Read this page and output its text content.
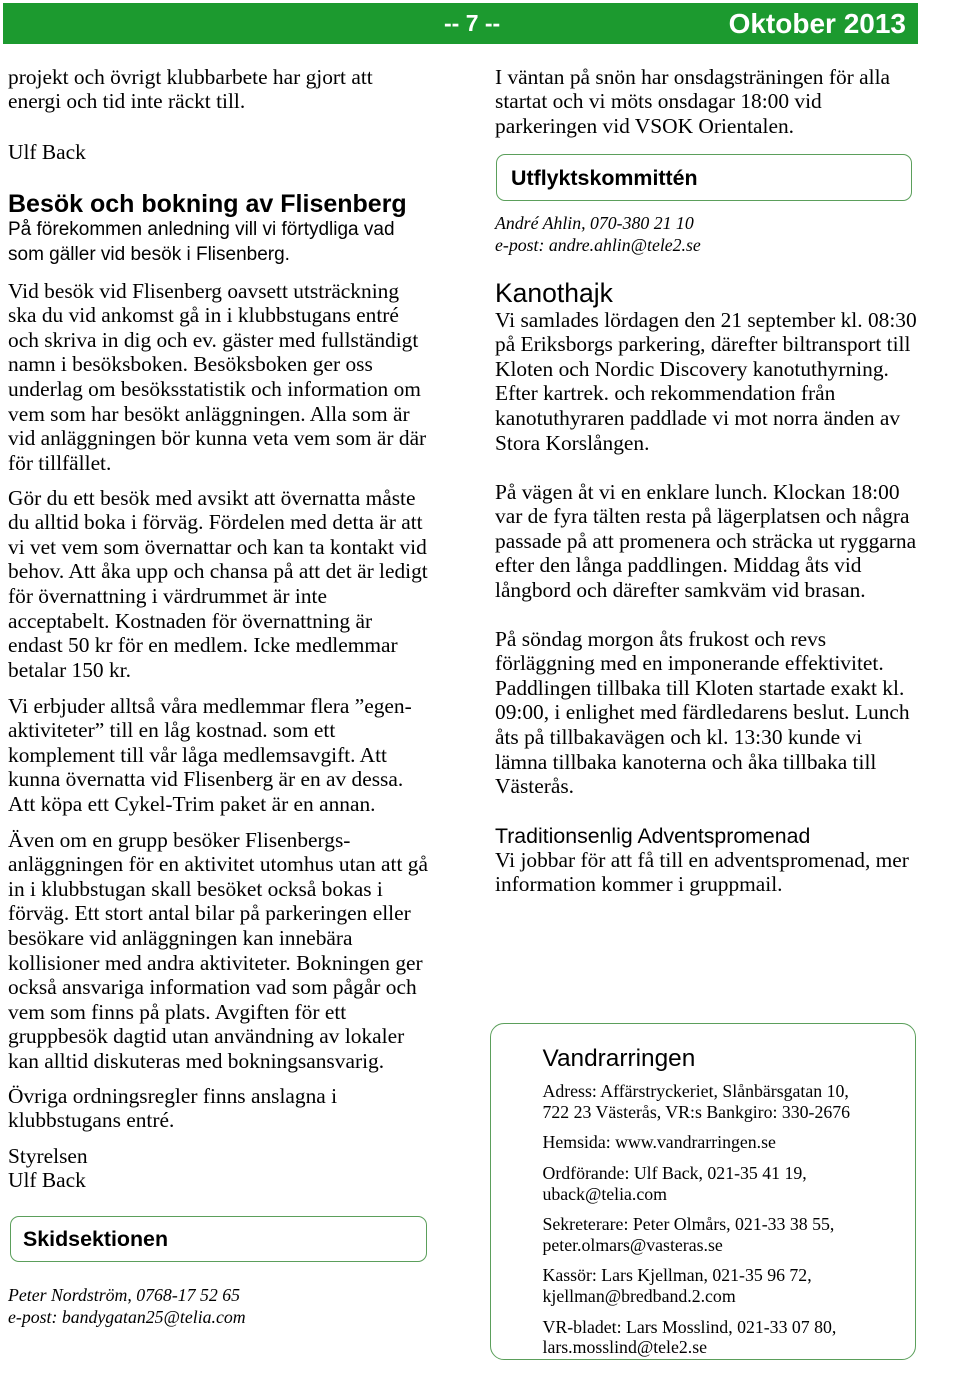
-- 7 --	Oktober 2013
projekt och övrigt klubbarbete har gjort att
energi och tid inte räckt till.
Ulf Back
Besök och bokning av Flisenberg
På förekommen anledning vill vi förtydliga vad
som gäller vid besök i Flisenberg.
Vid besök vid Flisenberg oavsett utsträckning
ska du vid ankomst gå in i klubbstugans entré
och skriva in dig och ev. gäster med fullständigt
namn i besöksboken. Besöksboken ger oss
underlag om besöksstatistik och information om
vem som har besökt anläggningen. Alla som är
vid anläggningen bör kunna veta vem som är där
för tillfället.
Gör du ett besök med avsikt att övernatta måste
du alltid boka i förväg. Fördelen med detta är att
vi vet vem som övernattar och kan ta kontakt vid
behov. Att åka upp och chansa på att det är ledigt
för övernattning i värdrummet är inte
acceptabelt. Kostnaden för övernattning är
endast 50 kr för en medlem. Icke medlemmar
betalar 150 kr.
Vi erbjuder alltså våra medlemmar flera ”egen-
aktiviteter” till en låg kostnad. som ett
komplement till vår låga medlemsavgift. Att
kunna övernatta vid Flisenberg är en av dessa.
Att köpa ett Cykel-Trim paket är en annan.
Även om en grupp besöker Flisenbergs-
anläggningen för en aktivitet utomhus utan att gå
in i klubbstugan skall besöket också bokas i
förväg. Ett stort antal bilar på parkeringen eller
besökare vid anläggningen kan innebära
kollisioner med andra aktiviteter. Bokningen ger
också ansvariga information vad som pågår och
vem som finns på plats. Avgiften för ett
gruppbesök dagtid utan användning av lokaler
kan alltid diskuteras med bokningsansvarig.
Övriga ordningsregler finns anslagna i
klubbstugans entré.
Styrelsen
Ulf Back
Skidsektionen
Peter Nordström, 0768-17 52 65
e-post: bandygatan25@telia.com
I väntan på snön har onsdagsträningen för alla
startat och vi möts onsdagar 18:00 vid
parkeringen vid VSOK Orientalen.
Utflyktskommittén
André Ahlin, 070-380 21 10
e-post: andre.ahlin@tele2.se
Kanothajk
Vi samlades lördagen den 21 september kl. 08:30
på Eriksborgs parkering, därefter biltransport till
Kloten och Nordic Discovery kanotuthyrning.
Efter kartrek. och rekommendation från
kanotuthyraren paddlade vi mot norra änden av
Stora Korslången.
På vägen åt vi en enklare lunch. Klockan 18:00
var de fyra tälten resta på lägerplatsen och några
passade på att promenera och sträcka ut ryggarna
efter den långa paddlingen. Middag åts vid
långbord och därefter samkväm vid brasan.
På söndag morgon åts frukost och revs
förläggning med en imponerande effektivitet.
Paddlingen tillbaka till Kloten startade exakt kl.
09:00, i enlighet med färdledarens beslut. Lunch
åts på tillbakavägen och kl. 13:30 kunde vi
lämna tillbaka kanoterna och åka tillbaka till
Västerås.
Traditionsenlig Adventspromenad
Vi jobbar för att få till en adventspromenad, mer
information kommer i gruppmail.
Vandrarringen
Adress: Affärstryckeriet, Slånbärsgatan 10,
722 23 Västerås, VR:s Bankgiro: 330-2676
Hemsida: www.vandrarringen.se
Ordförande: Ulf Back, 021-35 41 19,
uback@telia.com
Sekreterare: Peter Olmårs, 021-33 38 55,
peter.olmars@vasteras.se
Kassör: Lars Kjellman, 021-35 96 72,
kjellman@bredband.2.com
VR-bladet: Lars Mosslind, 021-33 07 80,
lars.mosslind@tele2.se
